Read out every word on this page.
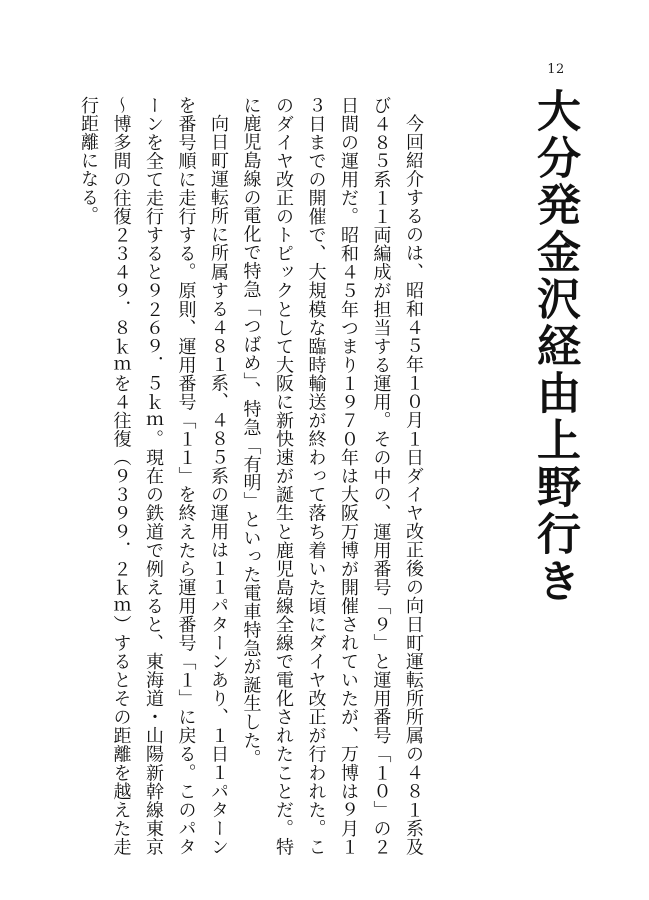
12
大分発金沢経由上野行き

今回紹介するのは、昭和４５年１０月１日ダイヤ改正後の向日町運転所所属の４８１系及び４８５系１１両編成が担当する運用。その中の、運用番号「９」と運用番号「１０」の２日間の運用だ。昭和４５年つまり１９７０年は大阪万博が開催されていたが、万博は９月１３日までの開催で、大規模な臨時輸送が終わって落ち着いた頃にダイヤ改正が行われた。このダイヤ改正のトピックとして大阪に新快速が誕生と鹿児島線全線で電化されたことだ。特に鹿児島線の電化で特急「つばめ」、特急「有明」といった電車特急が誕生した。

向日町運転所に所属する４８１系、４８５系の運用は１１パターンあり、１日１パターンを番号順に走行する。原則、運用番号「１１」を終えたら運用番号「１」に戻る。このパターンを全て走行すると９２６９．５ｋｍ。現在の鉄道で例えると、東海道・山陽新幹線東京～博多間の往復２３４９．８ｋｍを４往復（９３９９．２ｋｍ）するとその距離を越えた走行距離になる。
